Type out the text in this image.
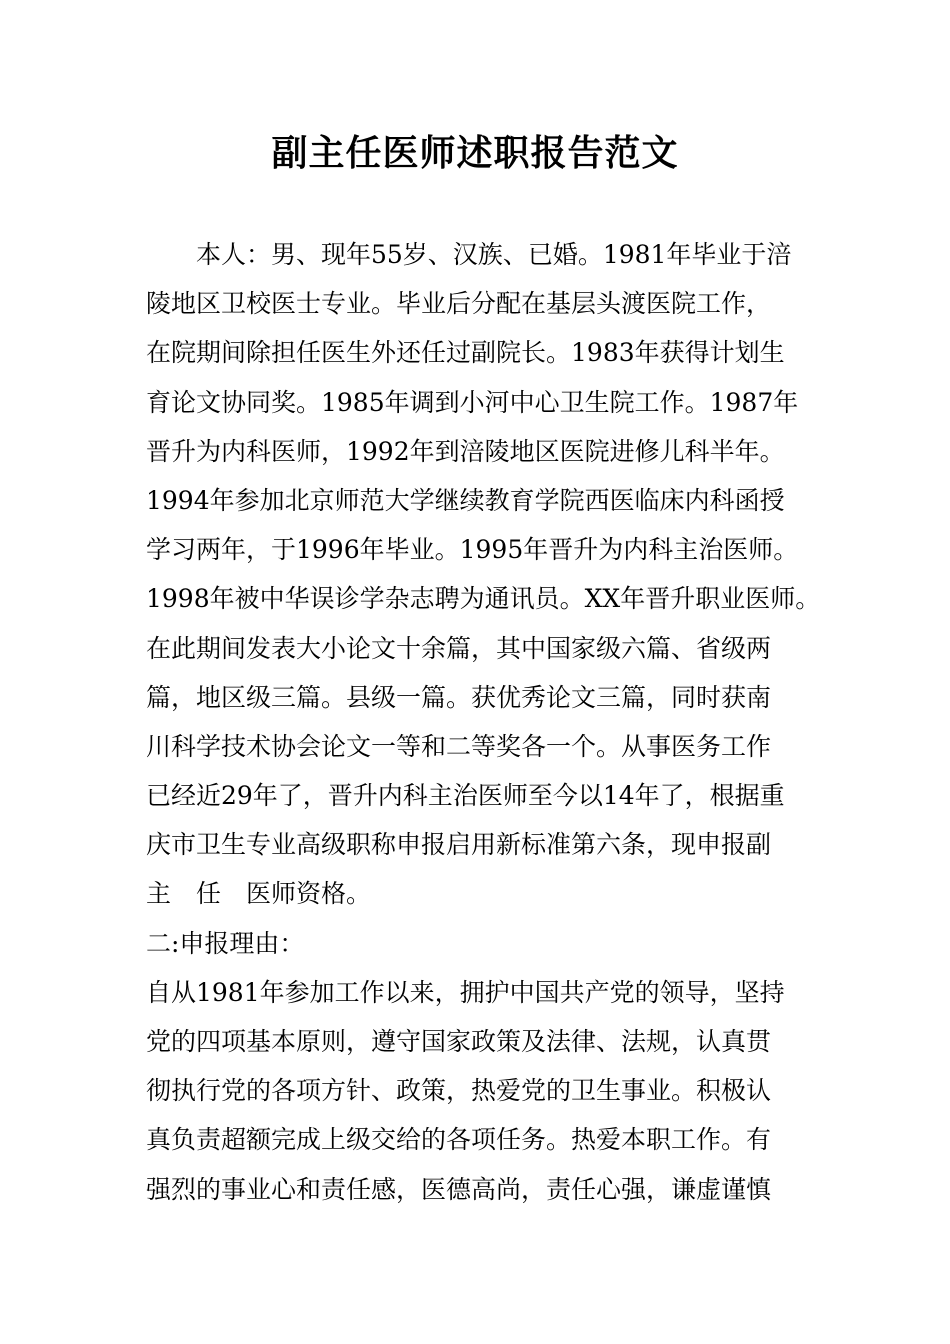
副主任医师述职报告范文
本人：男、现年55岁、汉族、已婚。1981年毕业于涪
陵地区卫校医士专业。毕业后分配在基层头渡医院工作，
在院期间除担任医生外还任过副院长。1983年获得计划生
育论文协同奖。1985年调到小河中心卫生院工作。1987年
晋升为内科医师，1992年到涪陵地区医院进修儿科半年。
1994年参加北京师范大学继续教育学院西医临床内科函授
学习两年，于1996年毕业。1995年晋升为内科主治医师。
1998年被中华误诊学杂志聘为通讯员。XX年晋升职业医师。
在此期间发表大小论文十余篇，其中国家级六篇、省级两
篇，地区级三篇。县级一篇。获优秀论文三篇，同时获南
川科学技术协会论文一等和二等奖各一个。从事医务工作
已经近29年了，晋升内科主治医师至今以14年了，根据重
庆市卫生专业高级职称申报启用新标准第六条，现申报副
主　任　医师资格。
二:申报理由：
自从1981年参加工作以来，拥护中国共产党的领导，坚持
党的四项基本原则，遵守国家政策及法律、法规，认真贯
彻执行党的各项方针、政策，热爱党的卫生事业。积极认
真负责超额完成上级交给的各项任务。热爱本职工作。有
强烈的事业心和责任感，医德高尚，责任心强，谦虚谨慎
